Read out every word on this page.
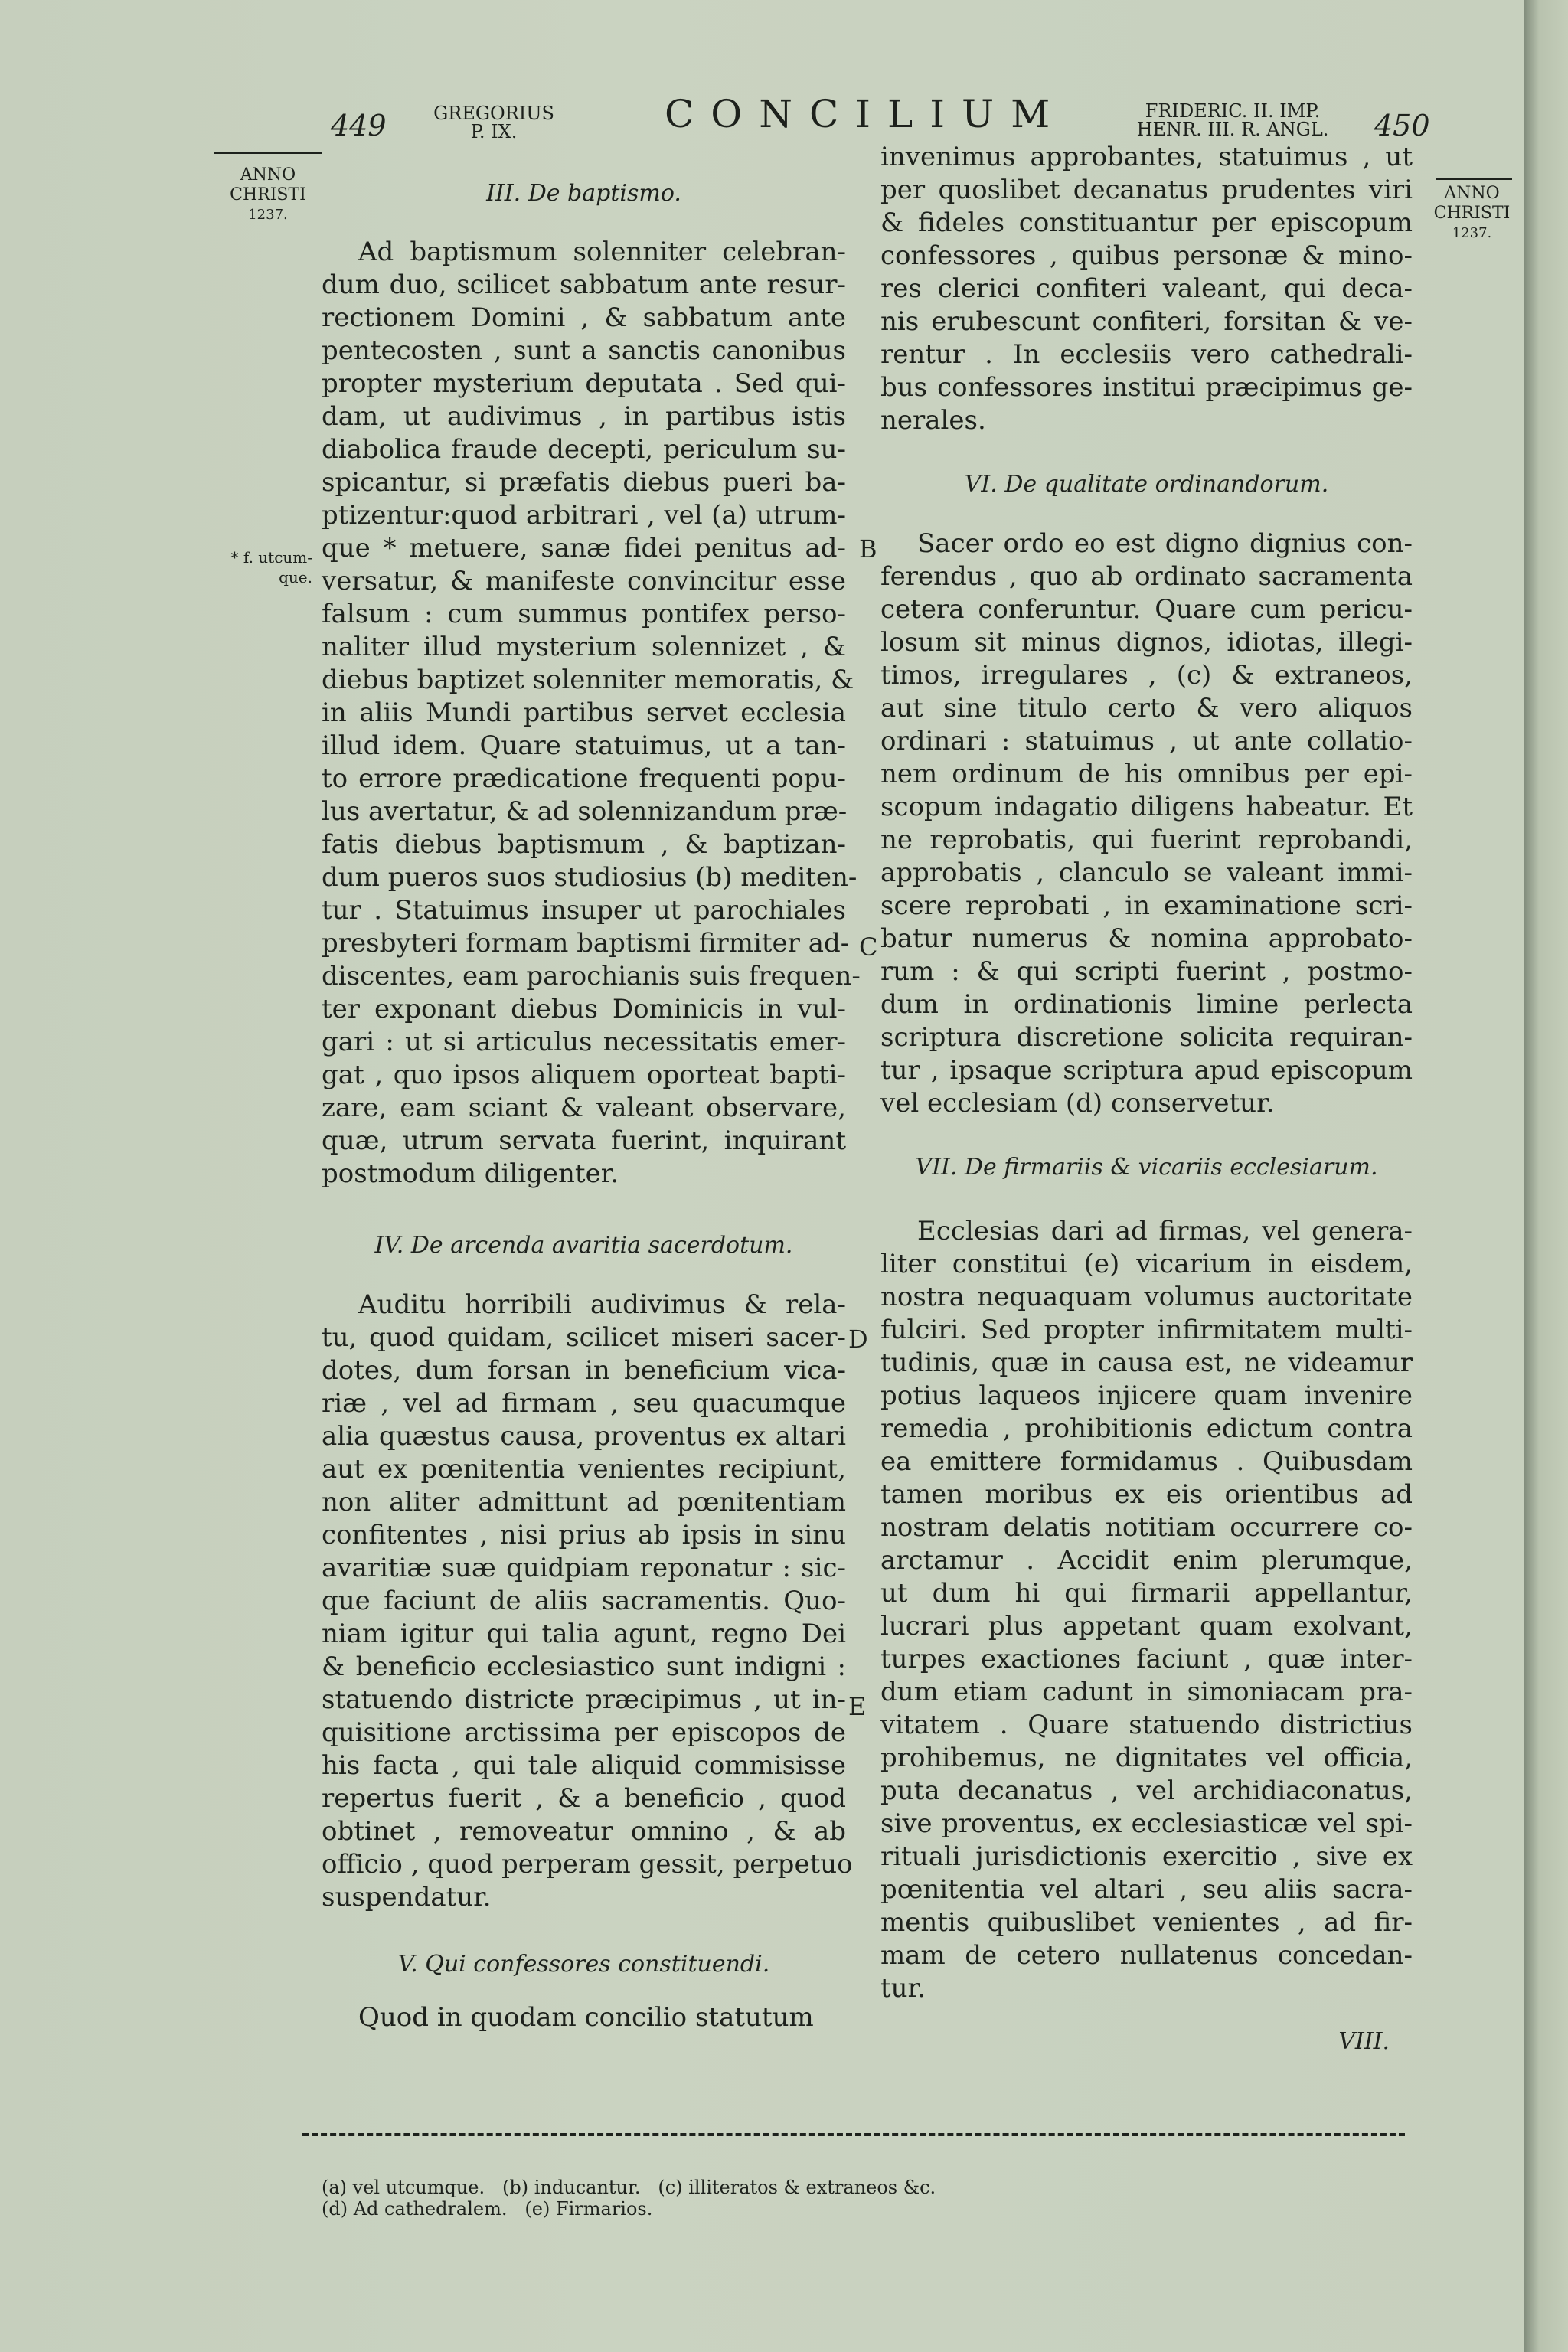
449	GREGORIUS
P. IX.	CONCILIUM	FRIDERIC. II. IMP.
HENR. III. R. ANGL.	450
ANNO
CHRISTI
1237.
ANNO
CHRISTI
1237.
* f. utcum-
que.
B
C
D
E
III. De baptismo.
Ad baptismum solenniter celebran-
dum duo, scilicet sabbatum ante resur-
rectionem Domini , & sabbatum ante
pentecosten , sunt a sanctis canonibus
propter mysterium deputata . Sed qui-
dam, ut audivimus , in partibus istis
diabolica fraude decepti, periculum su-
spicantur, si præfatis diebus pueri ba-
ptizentur:quod arbitrari , vel (a) utrum-
que * metuere, sanæ fidei penitus ad-
versatur, & manifeste convincitur esse
falsum : cum summus pontifex perso-
naliter illud mysterium solennizet , &
diebus baptizet solenniter memoratis, &
in aliis Mundi partibus servet ecclesia
illud idem. Quare statuimus, ut a tan-
to errore prædicatione frequenti popu-
lus avertatur, & ad solennizandum præ-
fatis diebus baptismum , & baptizan-
dum pueros suos studiosius (b) mediten-
tur . Statuimus insuper ut parochiales
presbyteri formam baptismi firmiter ad-
discentes, eam parochianis suis frequen-
ter exponant diebus Dominicis in vul-
gari : ut si articulus necessitatis emer-
gat , quo ipsos aliquem oporteat bapti-
zare, eam sciant & valeant observare,
quæ, utrum servata fuerint, inquirant
postmodum diligenter.
IV. De arcenda avaritia sacerdotum.
Auditu horribili audivimus & rela-
tu, quod quidam, scilicet miseri sacer-
dotes, dum forsan in beneficium vica-
riæ , vel ad firmam , seu quacumque
alia quæstus causa, proventus ex altari
aut ex pœnitentia venientes recipiunt,
non aliter admittunt ad pœnitentiam
confitentes , nisi prius ab ipsis in sinu
avaritiæ suæ quidpiam reponatur : sic-
que faciunt de aliis sacramentis. Quo-
niam igitur qui talia agunt, regno Dei
& beneficio ecclesiastico sunt indigni :
statuendo districte præcipimus , ut in-
quisitione arctissima per episcopos de
his facta , qui tale aliquid commisisse
repertus fuerit , & a beneficio , quod
obtinet , removeatur omnino , & ab
officio , quod perperam gessit, perpetuo
suspendatur.
V. Qui confessores constituendi.
Quod in quodam concilio statutum
invenimus approbantes, statuimus , ut
per quoslibet decanatus prudentes viri
& fideles constituantur per episcopum
confessores , quibus personæ & mino-
res clerici confiteri valeant, qui deca-
nis erubescunt confiteri, forsitan & ve-
rentur . In ecclesiis vero cathedrali-
bus confessores institui præcipimus ge-
nerales.
VI. De qualitate ordinandorum.
Sacer ordo eo est digno dignius con-
ferendus , quo ab ordinato sacramenta
cetera conferuntur. Quare cum pericu-
losum sit minus dignos, idiotas, illegi-
timos, irregulares , (c) & extraneos,
aut sine titulo certo & vero aliquos
ordinari : statuimus , ut ante collatio-
nem ordinum de his omnibus per epi-
scopum indagatio diligens habeatur. Et
ne reprobatis, qui fuerint reprobandi,
approbatis , clanculo se valeant immi-
scere reprobati , in examinatione scri-
batur numerus & nomina approbato-
rum : & qui scripti fuerint , postmo-
dum in ordinationis limine perlecta
scriptura discretione solicita requiran-
tur , ipsaque scriptura apud episcopum
vel ecclesiam (d) conservetur.
VII. De firmariis & vicariis ecclesiarum.
Ecclesias dari ad firmas, vel genera-
liter constitui (e) vicarium in eisdem,
nostra nequaquam volumus auctoritate
fulciri. Sed propter infirmitatem multi-
tudinis, quæ in causa est, ne videamur
potius laqueos injicere quam invenire
remedia , prohibitionis edictum contra
ea emittere formidamus . Quibusdam
tamen moribus ex eis orientibus ad
nostram delatis notitiam occurrere co-
arctamur . Accidit enim plerumque,
ut dum hi qui firmarii appellantur,
lucrari plus appetant quam exolvant,
turpes exactiones faciunt , quæ inter-
dum etiam cadunt in simoniacam pra-
vitatem . Quare statuendo districtius
prohibemus, ne dignitates vel officia,
puta decanatus , vel archidiaconatus,
sive proventus, ex ecclesiasticæ vel spi-
rituali jurisdictionis exercitio , sive ex
pœnitentia vel altari , seu aliis sacra-
mentis quibuslibet venientes , ad fir-
mam de cetero nullatenus concedan-
tur.
VIII.
(a) vel utcumque. (b) inducantur. (c) illiteratos & extraneos &c.
(d) Ad cathedralem. (e) Firmarios.
